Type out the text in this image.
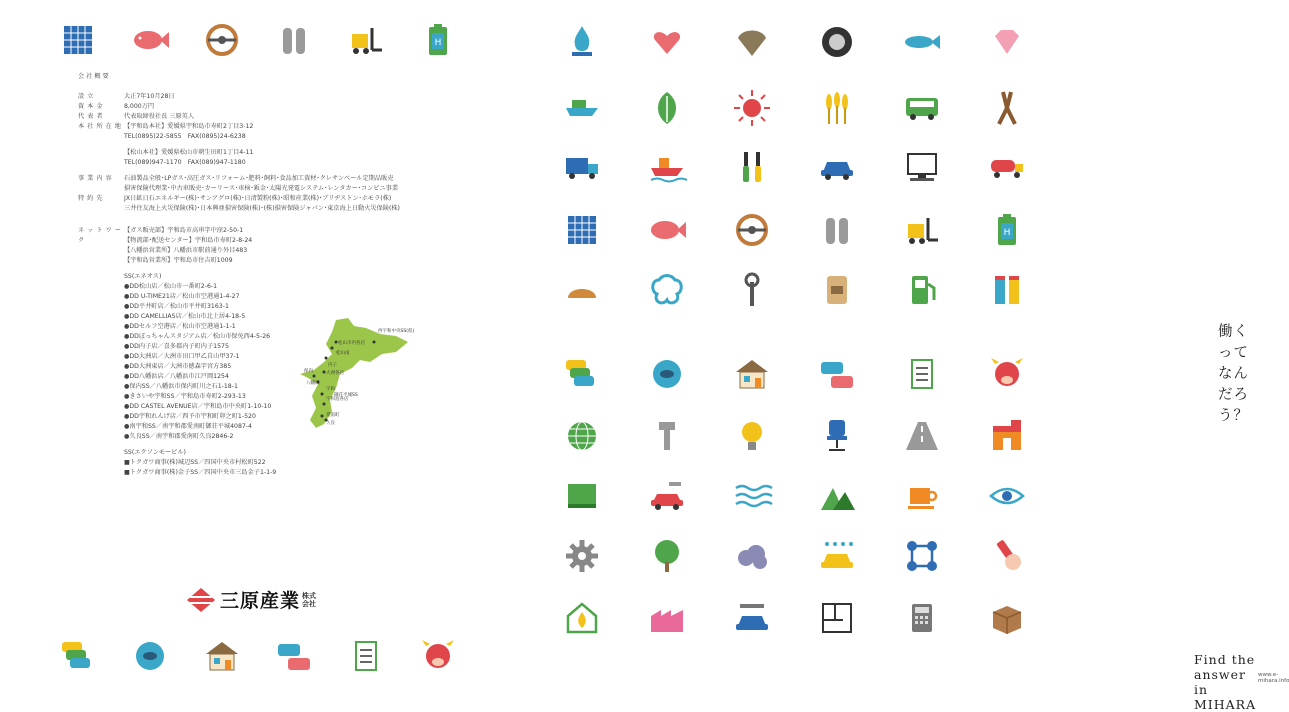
H
会社概要
設立	大正7年10月28日
資本金	8,000万円
代表者	代表取締役社長 三原英人
本社所在地 【宇和島本社】愛媛県宇和島市寿町2丁目3-12
TEL(0895)22-5855　FAX(0895)24-6238
【松山本社】愛媛県松山市朝生田町1丁目4-11
TEL(089)947-1170　FAX(089)947-1180
事業内容	石油製品全般･LPガス･高圧ガス･リフォーム･肥料･飼料･食品加工資材･クレサンベール定期品販売
損害保険代理業･中古車販売･カーリース･車検･鈑金･太陽光発電システム･レンタカー･コンビニ事業
特約先	JX日鉱日石エネルギー(株)･サンアグロ(株)･日清製粉(株)･昭和産業(株)･ブリヂストン･ホモラ(株)
三井住友海上火災保険(株)･日本興亜損害保険(株)･(株)損害保険ジャパン･東京海上日動火災保険(株)
ネットワーク
【ガス販売部】宇和島市高串字中窪2-50-1
【物流部･配送センター】宇和島市寿町2-8-24
【八幡浜営業所】八幡浜市駅前通り外目483
【宇和島営業所】宇和島市住吉町1009
SS(エネオス)
●DD松山店／松山市一番町2-6-1
●DD U-TIME21店／松山市空港通1-4-27
●DD平井町店／松山市平井町3163-1
●DD CAMELLIAS店／松山市北土居4-18-5
●DDセルフ空港店／松山市空港通1-1-1
●DDぼっちゃんスタジアム店／松山市保免西4-5-26
●DD内子店／喜多郡内子町内子1575
●DD大洲店／大洲市田口甲乙自山甲37-1
●DD大洲東店／大洲市徳森字宮方385
●DD八幡浜店／八幡浜市江戸岡1254
●保内SS／八幡浜市保内町川之石1-18-1
●きさいや宇和SS／宇和島市寿町2-293-13
●DD CASTEL AVENUE店／宇和島市中央町1-10-10
●DD宇和れんげ店／西予市宇和町卯之町1-520
●南宇和SS／南宇和郡愛南町御荘平城4087-4
●久良SS／南宇和郡愛南町久良2846-2
SS(エクソンモービル)
■トクガワ商事(株)城辺SS／四国中央市村松町522
■トクガワ商事(株)金子SS／四国中央市三島金子1-1-9
西宇和中央SS(仮)
松山市内各店
松山南
内子
大洲各店
保内
八幡浜
宇和
宇和島各店
御荘平城SS
愛南町
久良
三原産業 株式会社
H
働くってなんだろう？
Find the answer in MIHARA
www.e-mihara.info
